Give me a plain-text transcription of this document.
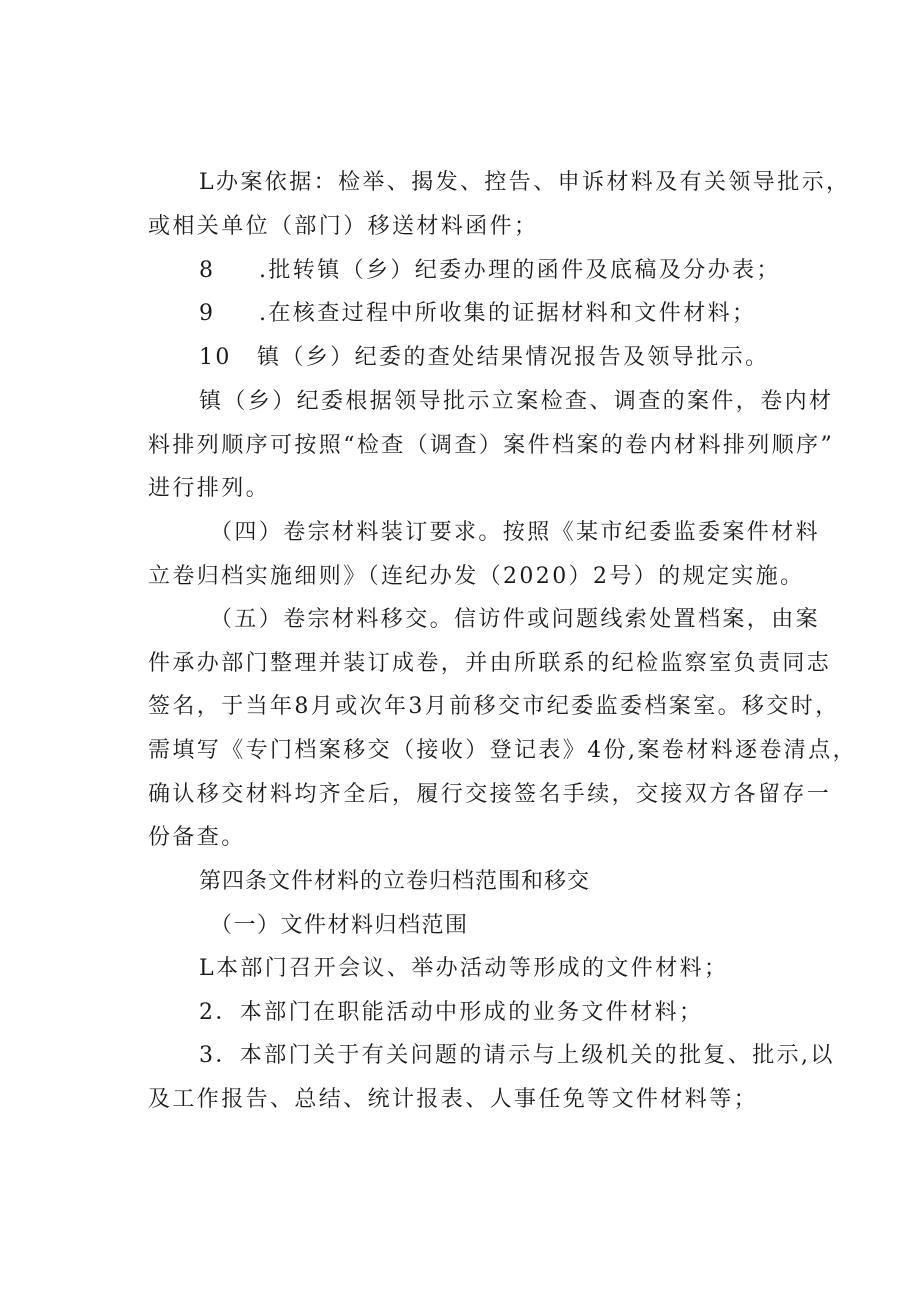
L办案依据：检举、揭发、控告、申诉材料及有关领导批示，
或相关单位（部门）移送材料函件；
8 .批转镇（乡）纪委办理的函件及底稿及分办表；
9 .在核查过程中所收集的证据材料和文件材料；
10 镇（乡）纪委的查处结果情况报告及领导批示。
镇（乡）纪委根据领导批示立案检查、调查的案件，卷内材
料排列顺序可按照“检查（调查）案件档案的卷内材料排列顺序”
进行排列。
（四）卷宗材料装订要求。按照《某市纪委监委案件材料
立卷归档实施细则》（连纪办发（2020）2号）的规定实施。
（五）卷宗材料移交。信访件或问题线索处置档案，由案
件承办部门整理并装订成卷，并由所联系的纪检监察室负责同志
签名，于当年8月或次年3月前移交市纪委监委档案室。移交时，
需填写《专门档案移交（接收）登记表》4份,案卷材料逐卷清点，
确认移交材料均齐全后，履行交接签名手续，交接双方各留存一
份备查。
第四条文件材料的立卷归档范围和移交
（一）文件材料归档范围
L本部门召开会议、举办活动等形成的文件材料；
2．本部门在职能活动中形成的业务文件材料；
3．本部门关于有关问题的请示与上级机关的批复、批示,以
及工作报告、总结、统计报表、人事任免等文件材料等；
